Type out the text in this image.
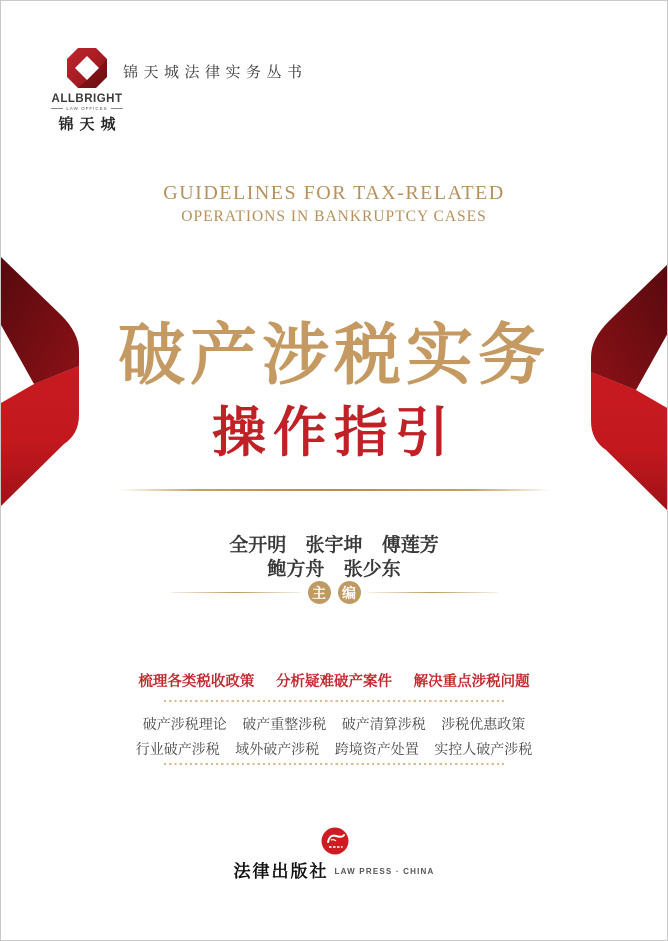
ALLBRIGHT
LAW OFFICES
锦天城
锦天城法律实务丛书
GUIDELINES FOR TAX-RELATED
OPERATIONS IN BANKRUPTCY CASES
破产涉税实务
操作指引
全开明 张宇坤 傅莲芳
鲍方舟 张少东
主	编
梳理各类税收政策 分析疑难破产案件 解决重点涉税问题
破产涉税理论 破产重整涉税 破产清算涉税 涉税优惠政策
行业破产涉税 域外破产涉税 跨境资产处置 实控人破产涉税
法律出版社 LAW PRESS · CHINA
